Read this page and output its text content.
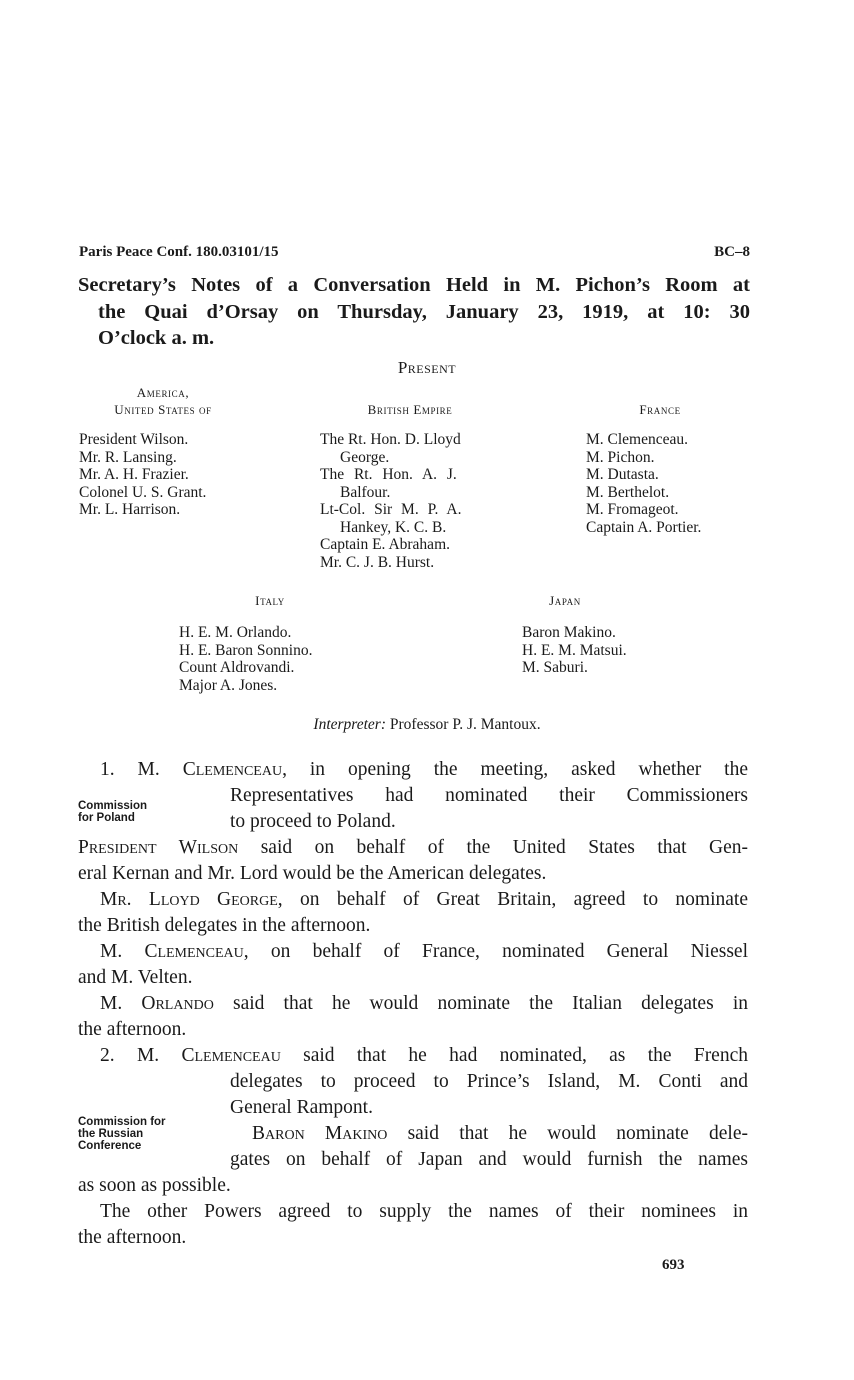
Paris Peace Conf. 180.03101/15	BC–8
Secretary’s Notes of a Conversation Held in M. Pichon’s Room at
the Quai d’Orsay on Thursday, January 23, 1919, at 10: 30
O’clock a. m.
Present
America,
United States of
President Wilson.
Mr. R. Lansing.
Mr. A. H. Frazier.
Colonel U. S. Grant.
Mr. L. Harrison.
British Empire
The Rt. Hon. D. Lloyd
George.
The Rt. Hon. A. J.
Balfour.
Lt-Col. Sir M. P. A.
Hankey, K. C. B.
Captain E. Abraham.
Mr. C. J. B. Hurst.
France
M. Clemenceau.
M. Pichon.
M. Dutasta.
M. Berthelot.
M. Fromageot.
Captain A. Portier.
Italy
H. E. M. Orlando.
H. E. Baron Sonnino.
Count Aldrovandi.
Major A. Jones.
Japan
Baron Makino.
H. E. M. Matsui.
M. Saburi.
Interpreter: Professor P. J. Mantoux.
Commission
for Poland
Commission for
the Russian
Conference
1. M. Clemenceau, in opening the meeting, asked whether the
Representatives had nominated their Commissioners
to proceed to Poland.
President Wilson said on behalf of the United States that Gen-
eral Kernan and Mr. Lord would be the American delegates.
Mr. Lloyd George, on behalf of Great Britain, agreed to nominate
the British delegates in the afternoon.
M. Clemenceau, on behalf of France, nominated General Niessel
and M. Velten.
M. Orlando said that he would nominate the Italian delegates in
the afternoon.
2. M. Clemenceau said that he had nominated, as the French
delegates to proceed to Prince’s Island, M. Conti and
General Rampont.
Baron Makino said that he would nominate dele-
gates on behalf of Japan and would furnish the names
as soon as possible.
The other Powers agreed to supply the names of their nominees in
the afternoon.
693
